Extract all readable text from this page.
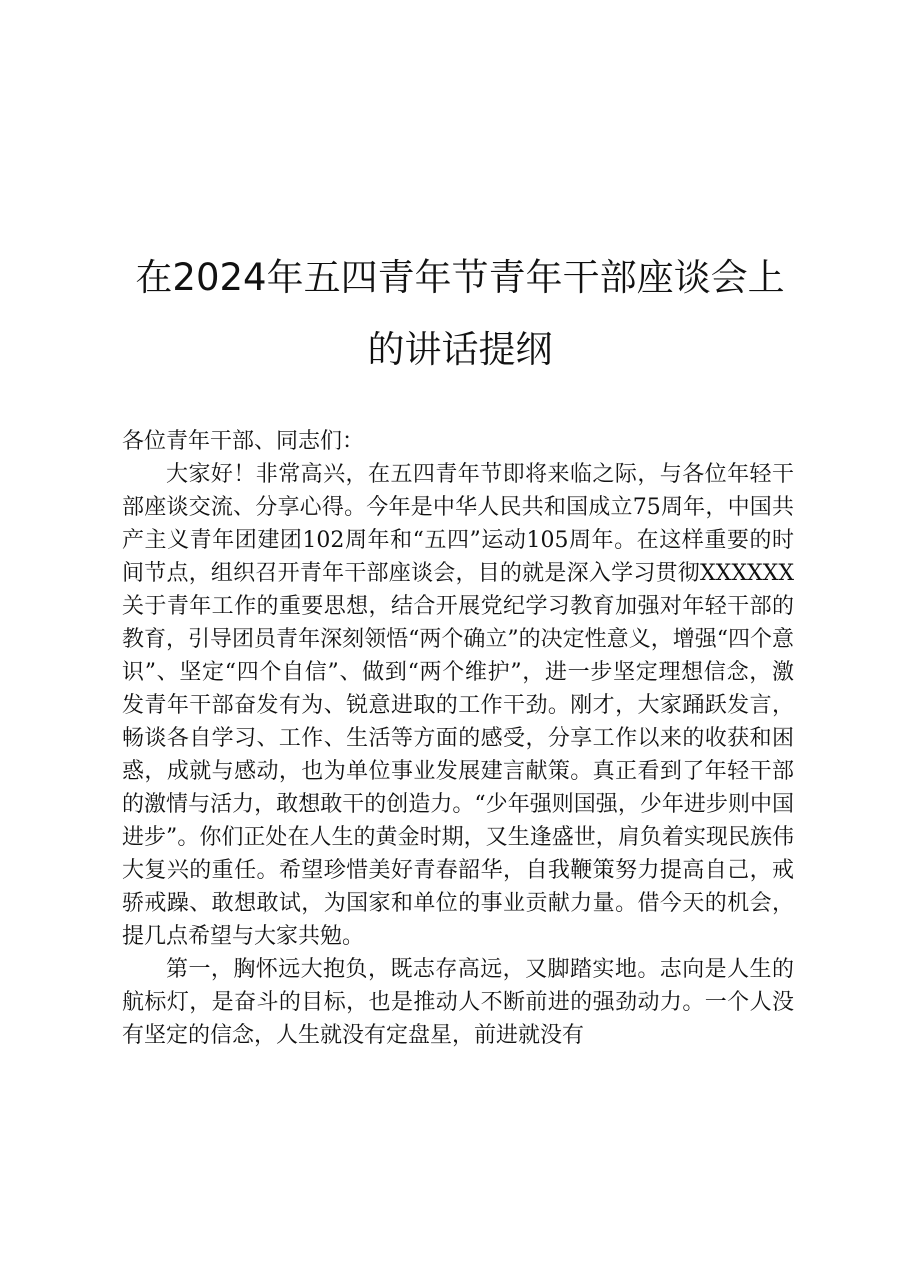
在2024年五四青年节青年干部座谈会上的讲话提纲

各位青年干部、同志们：

大家好！非常高兴，在五四青年节即将来临之际，与各位年轻干部座谈交流、分享心得。今年是中华人民共和国成立75周年，中国共产主义青年团建团102周年和“五四”运动105周年。在这样重要的时间节点，组织召开青年干部座谈会，目的就是深入学习贯彻XXXXXX关于青年工作的重要思想，结合开展党纪学习教育加强对年轻干部的教育，引导团员青年深刻领悟“两个确立”的决定性意义，增强“四个意识”、坚定“四个自信”、做到“两个维护”，进一步坚定理想信念，激发青年干部奋发有为、锐意进取的工作干劲。刚才，大家踊跃发言，畅谈各自学习、工作、生活等方面的感受，分享工作以来的收获和困惑，成就与感动，也为单位事业发展建言献策。真正看到了年轻干部的激情与活力，敢想敢干的创造力。“少年强则国强，少年进步则中国进步”。你们正处在人生的黄金时期，又生逢盛世，肩负着实现民族伟大复兴的重任。希望珍惜美好青春韶华，自我鞭策努力提高自己，戒骄戒躁、敢想敢试，为国家和单位的事业贡献力量。借今天的机会，提几点希望与大家共勉。

第一，胸怀远大抱负，既志存高远，又脚踏实地。志向是人生的航标灯，是奋斗的目标，也是推动人不断前进的强劲动力。一个人没有坚定的信念，人生就没有定盘星，前进就没有
